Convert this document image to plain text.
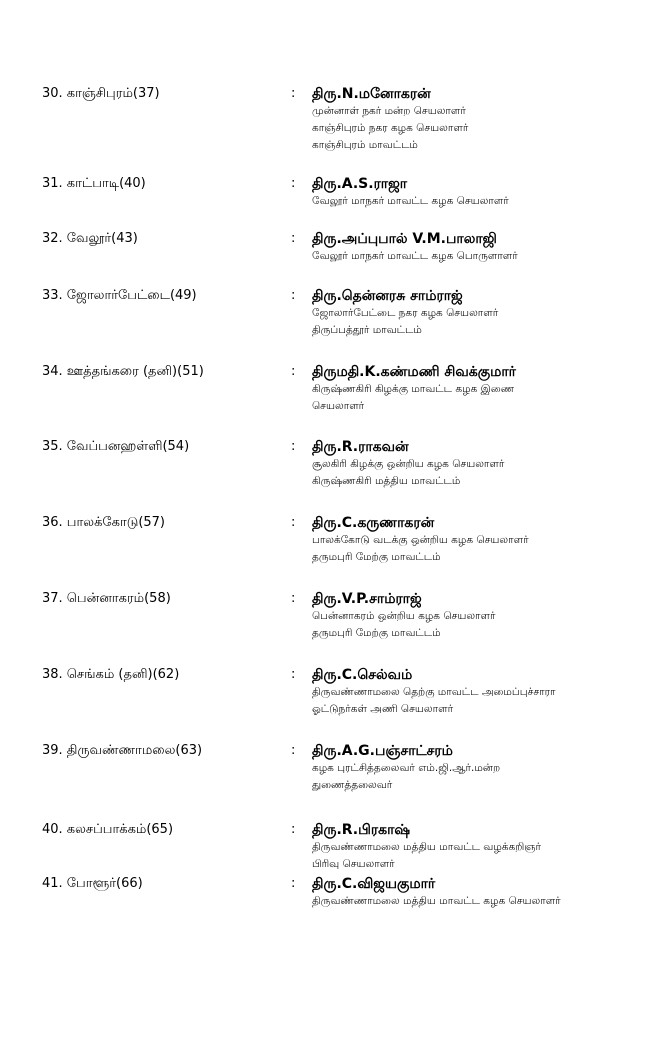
30. காஞ்சிபுரம்(37)	: திரு.N.மனோகரன்
முன்னாள் நகர் மன்ற செயலாளர்
காஞ்சிபுரம் நகர கழக செயலாளர்
காஞ்சிபுரம் மாவட்டம்
31. காட்பாடி(40)	: திரு.A.S.ராஜா
வேலூர் மாநகர் மாவட்ட கழக செயலாளர்
32. வேலூர்(43)	: திரு.அப்புபால் V.M.பாலாஜி
வேலூர் மாநகர் மாவட்ட கழக பொருளாளர்
33. ஜோலார்பேட்டை(49)	: திரு.தென்னரசு சாம்ராஜ்
ஜோலார்பேட்டை நகர கழக செயலாளர்
திருப்பத்தூர் மாவட்டம்
34. ஊத்தங்கரை (தனி)(51)	: திருமதி.K.கண்மணி சிவக்குமார்
கிருஷ்ணகிரி கிழக்கு மாவட்ட கழக இணை
செயலாளர்
35. வேப்பனஹள்ளி(54)	: திரு.R.ராகவன்
சூலகிரி கிழக்கு ஒன்றிய கழக செயலாளர்
கிருஷ்ணகிரி மத்திய மாவட்டம்
36. பாலக்கோடு(57)	: திரு.C.கருணாகரன்
பாலக்கோடு வடக்கு ஒன்றிய கழக செயலாளர்
தருமபுரி மேற்கு மாவட்டம்
37. பென்னாகரம்(58)	: திரு.V.P.சாம்ராஜ்
பென்னாகரம் ஒன்றிய கழக செயலாளர்
தருமபுரி மேற்கு மாவட்டம்
38. செங்கம் (தனி)(62)	: திரு.C.செல்வம்
திருவண்ணாமலை தெற்கு மாவட்ட அமைப்புச்சாரா
ஓட்டுநர்கள் அணி செயலாளர்
39. திருவண்ணாமலை(63)	: திரு.A.G.பஞ்சாட்சரம்
கழக புரட்சித்தலைவர் எம்.ஜி.ஆர்.மன்ற
துணைத்தலைவர்
40. கலசப்பாக்கம்(65)	: திரு.R.பிரகாஷ்
திருவண்ணாமலை மத்திய மாவட்ட வழக்கறிஞர்
பிரிவு செயலாளர்
41. போளூர்(66)	: திரு.C.விஜயகுமார்
திருவண்ணாமலை மத்திய மாவட்ட கழக செயலாளர்
